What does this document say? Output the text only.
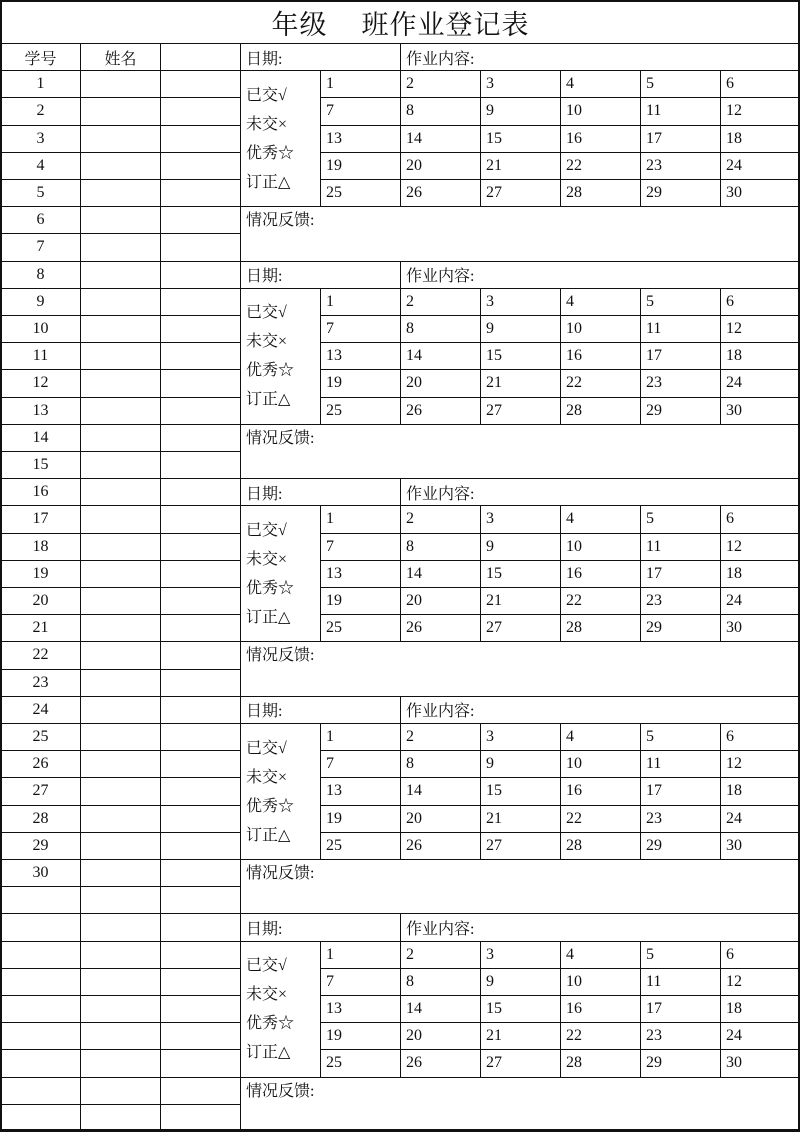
年级 班作业登记表
学号	姓名
1
2
3
4
5
6
7
8
9
10
11
12
13
14
15
16
17
18
19
20
21
22
23
24
25
26
27
28
29
30
日期:	作业内容:
已交√
未交×
优秀☆
订正△
1	2	3	4	5	6
7	8	9	10	11	12
13	14	15	16	17	18
19	20	21	22	23	24
25	26	27	28	29	30
情况反馈:
日期:	作业内容:
已交√
未交×
优秀☆
订正△
1	2	3	4	5	6
7	8	9	10	11	12
13	14	15	16	17	18
19	20	21	22	23	24
25	26	27	28	29	30
情况反馈:
日期:	作业内容:
已交√
未交×
优秀☆
订正△
1	2	3	4	5	6
7	8	9	10	11	12
13	14	15	16	17	18
19	20	21	22	23	24
25	26	27	28	29	30
情况反馈:
日期:	作业内容:
已交√
未交×
优秀☆
订正△
1	2	3	4	5	6
7	8	9	10	11	12
13	14	15	16	17	18
19	20	21	22	23	24
25	26	27	28	29	30
情况反馈:
日期:	作业内容:
已交√
未交×
优秀☆
订正△
1	2	3	4	5	6
7	8	9	10	11	12
13	14	15	16	17	18
19	20	21	22	23	24
25	26	27	28	29	30
情况反馈:
